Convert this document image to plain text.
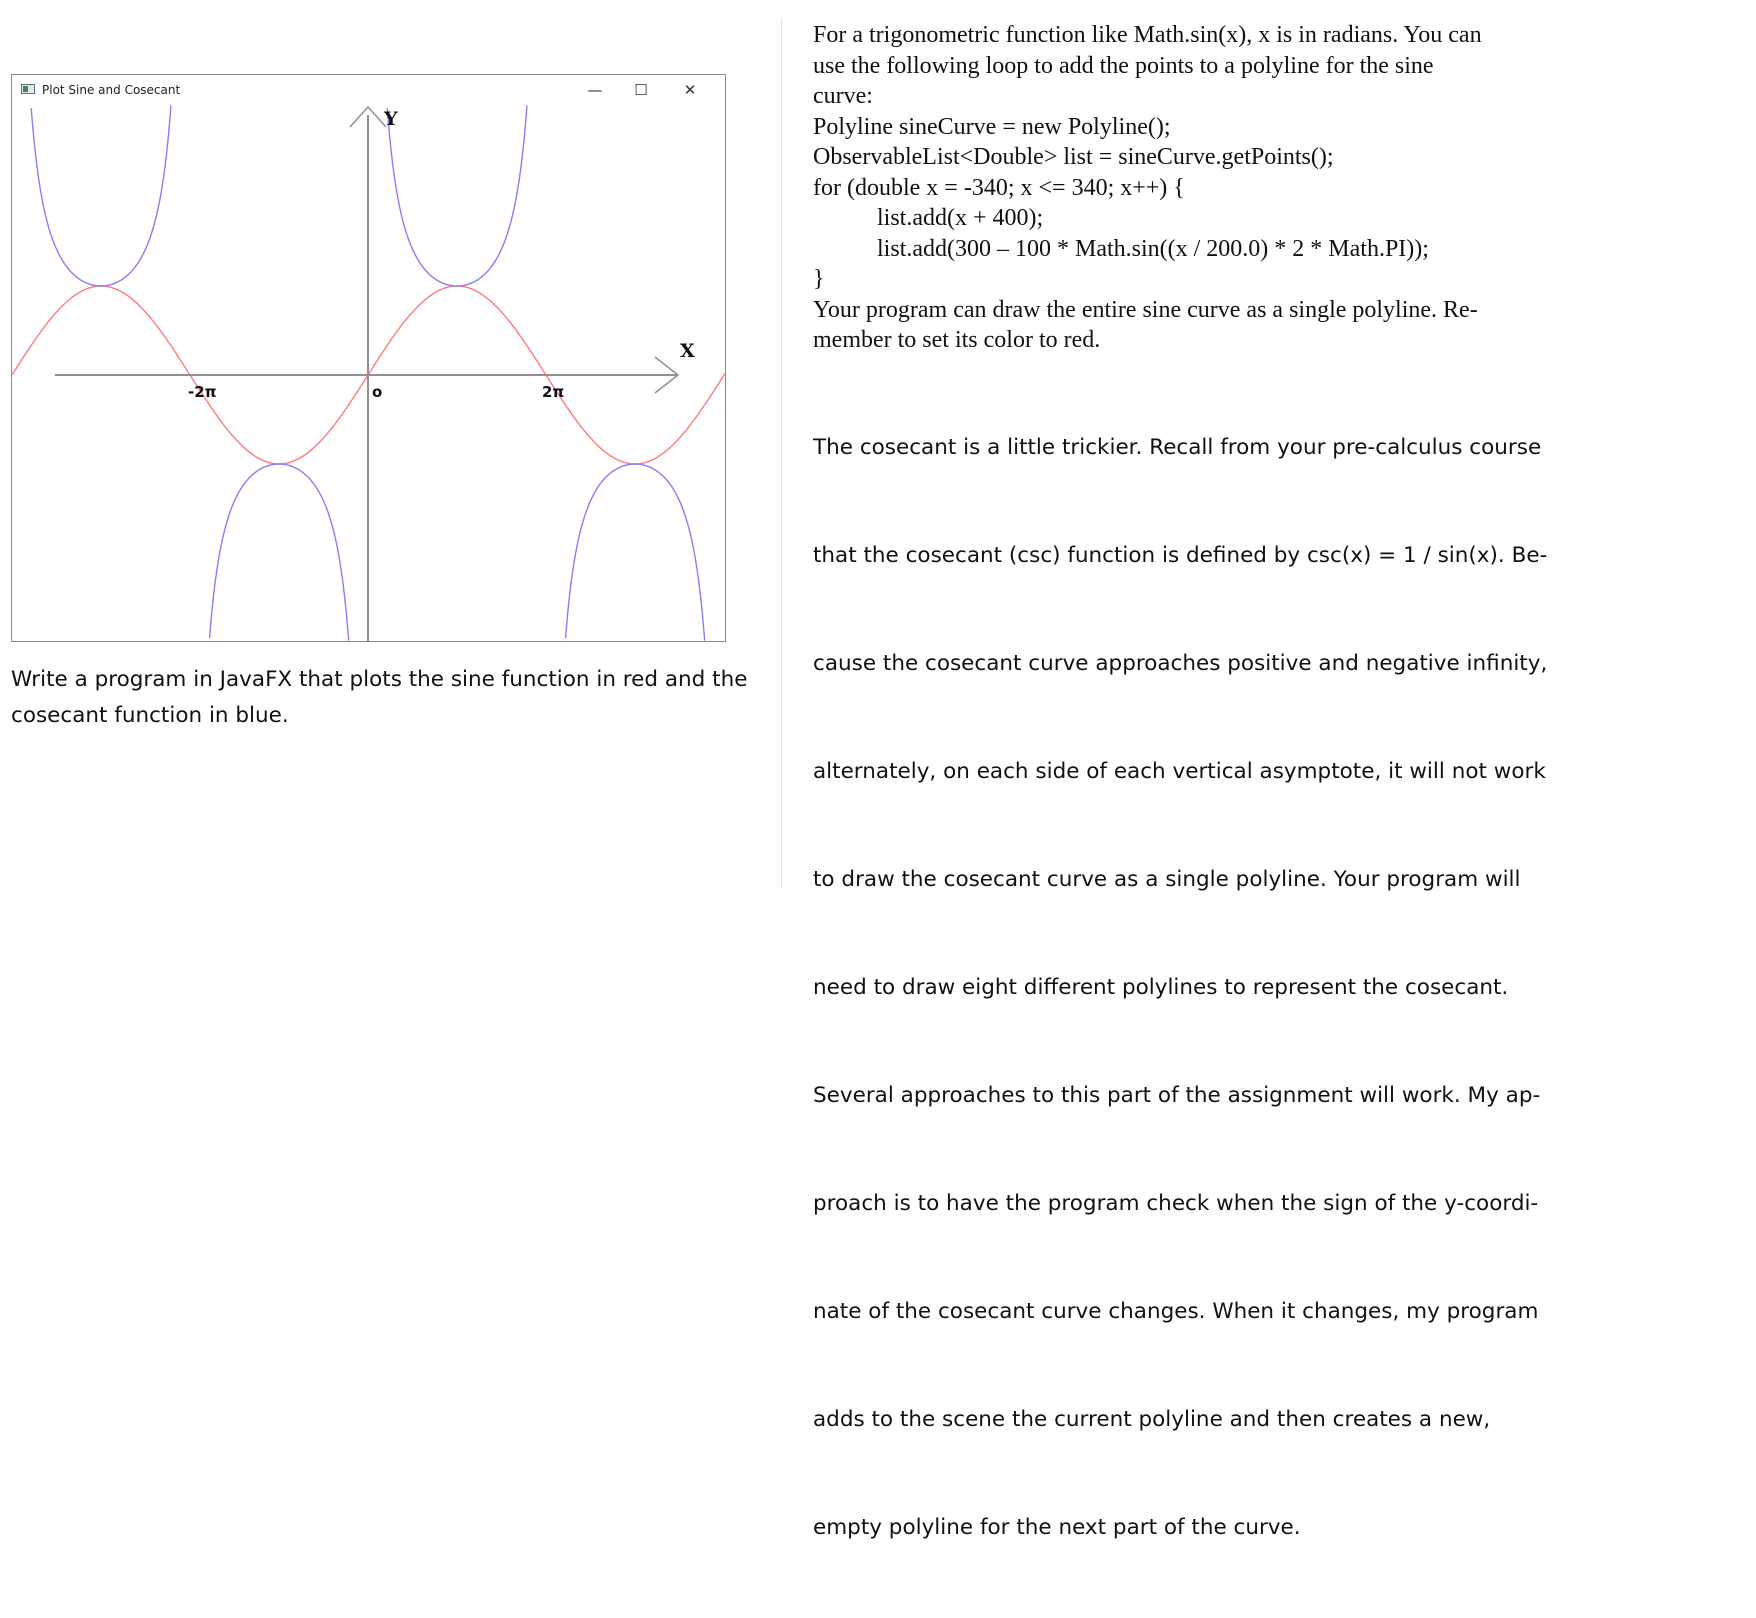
Plot Sine and Cosecant	—	☐	✕
X
Y
-2π	o	2π
Write a program in JavaFX that plots the sine function in red and the
cosecant function in blue.
For a trigonometric function like Math.sin(x), x is in radians. You can
use the following loop to add the points to a polyline for the sine
curve:
Polyline sineCurve = new Polyline();
ObservableList<Double> list = sineCurve.getPoints();
for (double x = -340; x <= 340; x++) {
list.add(x + 400);
list.add(300 – 100 * Math.sin((x / 200.0) * 2 * Math.PI));
}
Your program can draw the entire sine curve as a single polyline. Re-
member to set its color to red.

The cosecant is a little trickier. Recall from your pre-calculus course

that the cosecant (csc) function is defined by csc(x) = 1 / sin(x). Be-

cause the cosecant curve approaches positive and negative infinity,

alternately, on each side of each vertical asymptote, it will not work

to draw the cosecant curve as a single polyline. Your program will

need to draw eight different polylines to represent the cosecant.

Several approaches to this part of the assignment will work. My ap-

proach is to have the program check when the sign of the y-coordi-

nate of the cosecant curve changes. When it changes, my program

adds to the scene the current polyline and then creates a new,

empty polyline for the next part of the curve.
